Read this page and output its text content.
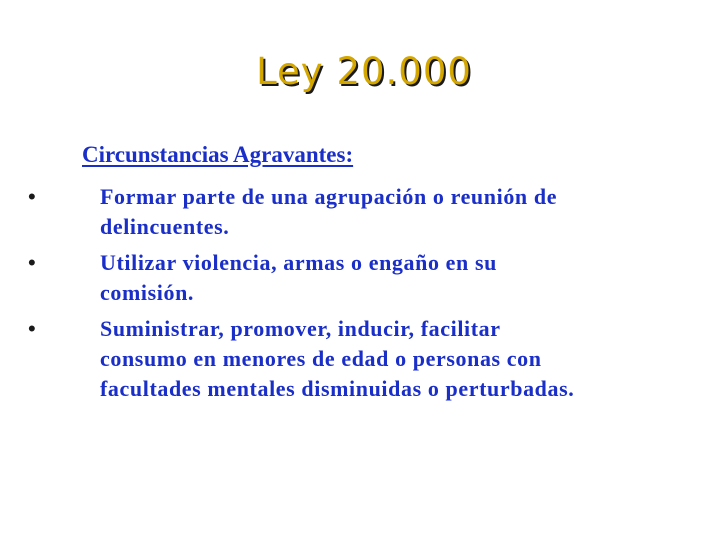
Ley 20.000

Circunstancias Agravantes:

•	Formar parte de una agrupación o reunión de
delincuentes.
•	Utilizar violencia, armas o engaño en su
comisión.
•	Suministrar, promover, inducir, facilitar
consumo en menores de edad o personas con
facultades mentales disminuidas o perturbadas.
